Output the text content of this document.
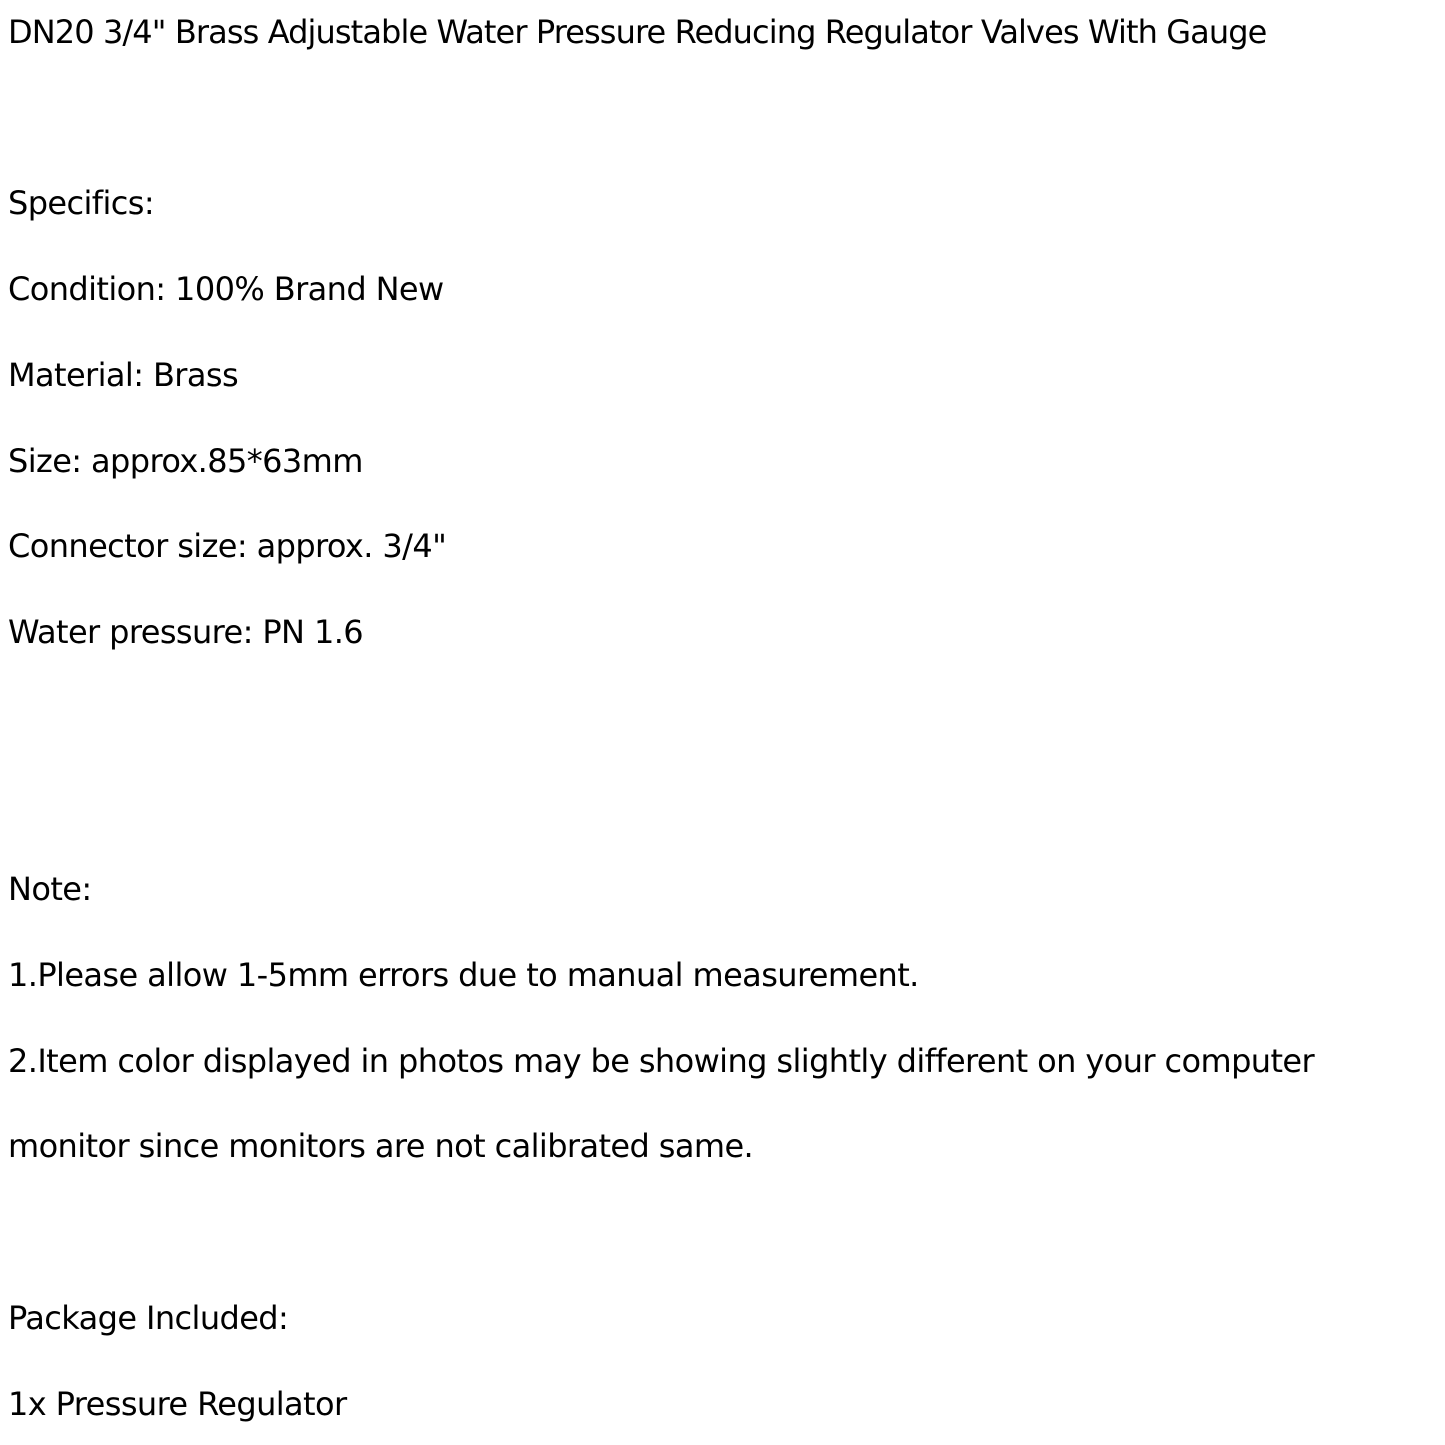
DN20 3/4" Brass Adjustable Water Pressure Reducing Regulator Valves With Gauge
Specifics:
Condition: 100% Brand New
Material: Brass
Size: approx.85*63mm
Connector size: approx. 3/4"
Water pressure: PN 1.6
Note:
1.Please allow 1-5mm errors due to manual measurement.
2.Item color displayed in photos may be showing slightly different on your computer
monitor since monitors are not calibrated same.
Package Included:
1x Pressure Regulator
